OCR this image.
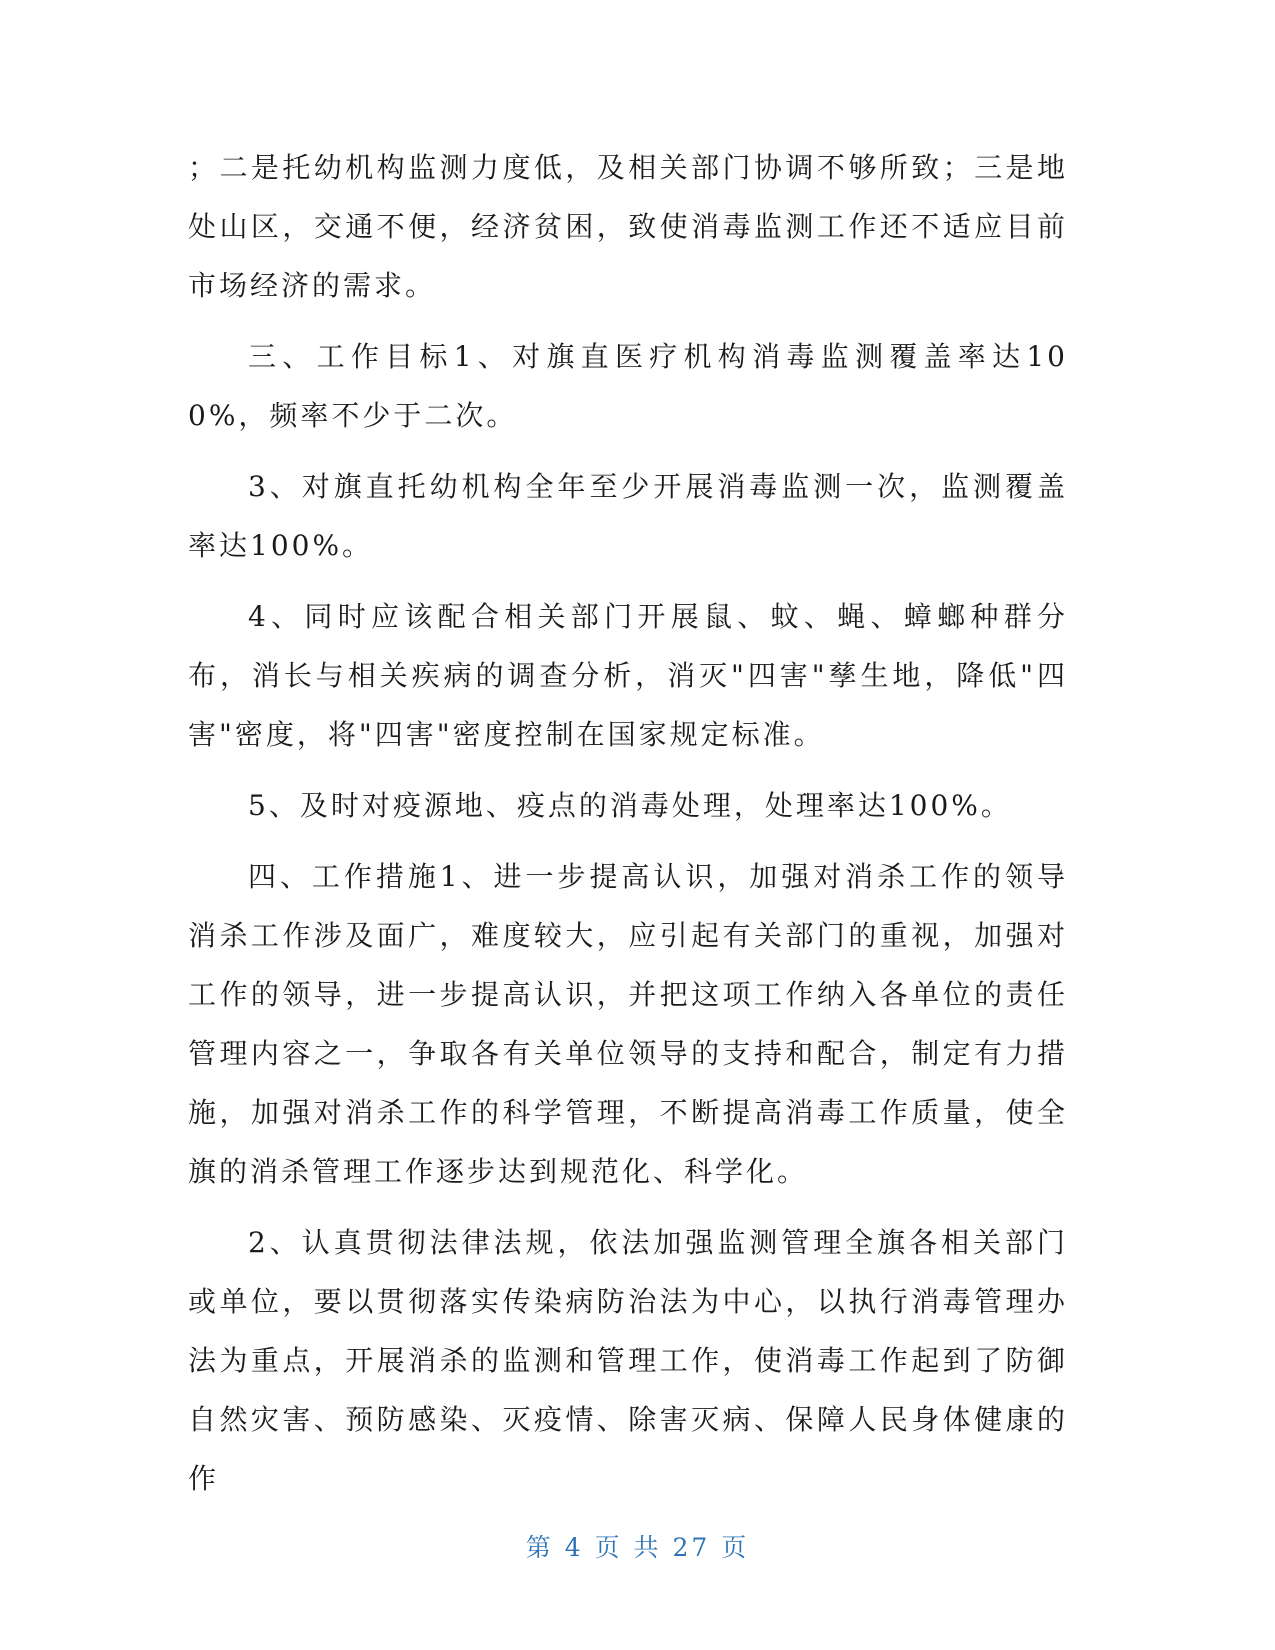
；二是托幼机构监测力度低，及相关部门协调不够所致；三是地处山区，交通不便，经济贫困，致使消毒监测工作还不适应目前市场经济的需求。

三、工作目标1、对旗直医疗机构消毒监测覆盖率达100%，频率不少于二次。

3、对旗直托幼机构全年至少开展消毒监测一次，监测覆盖率达100%。

4、同时应该配合相关部门开展鼠、蚊、蝇、蟑螂种群分布，消长与相关疾病的调查分析，消灭"四害"孳生地，降低"四害"密度，将"四害"密度控制在国家规定标准。

5、及时对疫源地、疫点的消毒处理，处理率达100%。

四、工作措施1、进一步提高认识，加强对消杀工作的领导消杀工作涉及面广，难度较大，应引起有关部门的重视，加强对工作的领导，进一步提高认识，并把这项工作纳入各单位的责任管理内容之一，争取各有关单位领导的支持和配合，制定有力措施，加强对消杀工作的科学管理，不断提高消毒工作质量，使全旗的消杀管理工作逐步达到规范化、科学化。

2、认真贯彻法律法规，依法加强监测管理全旗各相关部门或单位，要以贯彻落实传染病防治法为中心，以执行消毒管理办法为重点，开展消杀的监测和管理工作，使消毒工作起到了防御自然灾害、预防感染、灭疫情、除害灭病、保障人民身体健康的作

第 4 页 共 27 页
